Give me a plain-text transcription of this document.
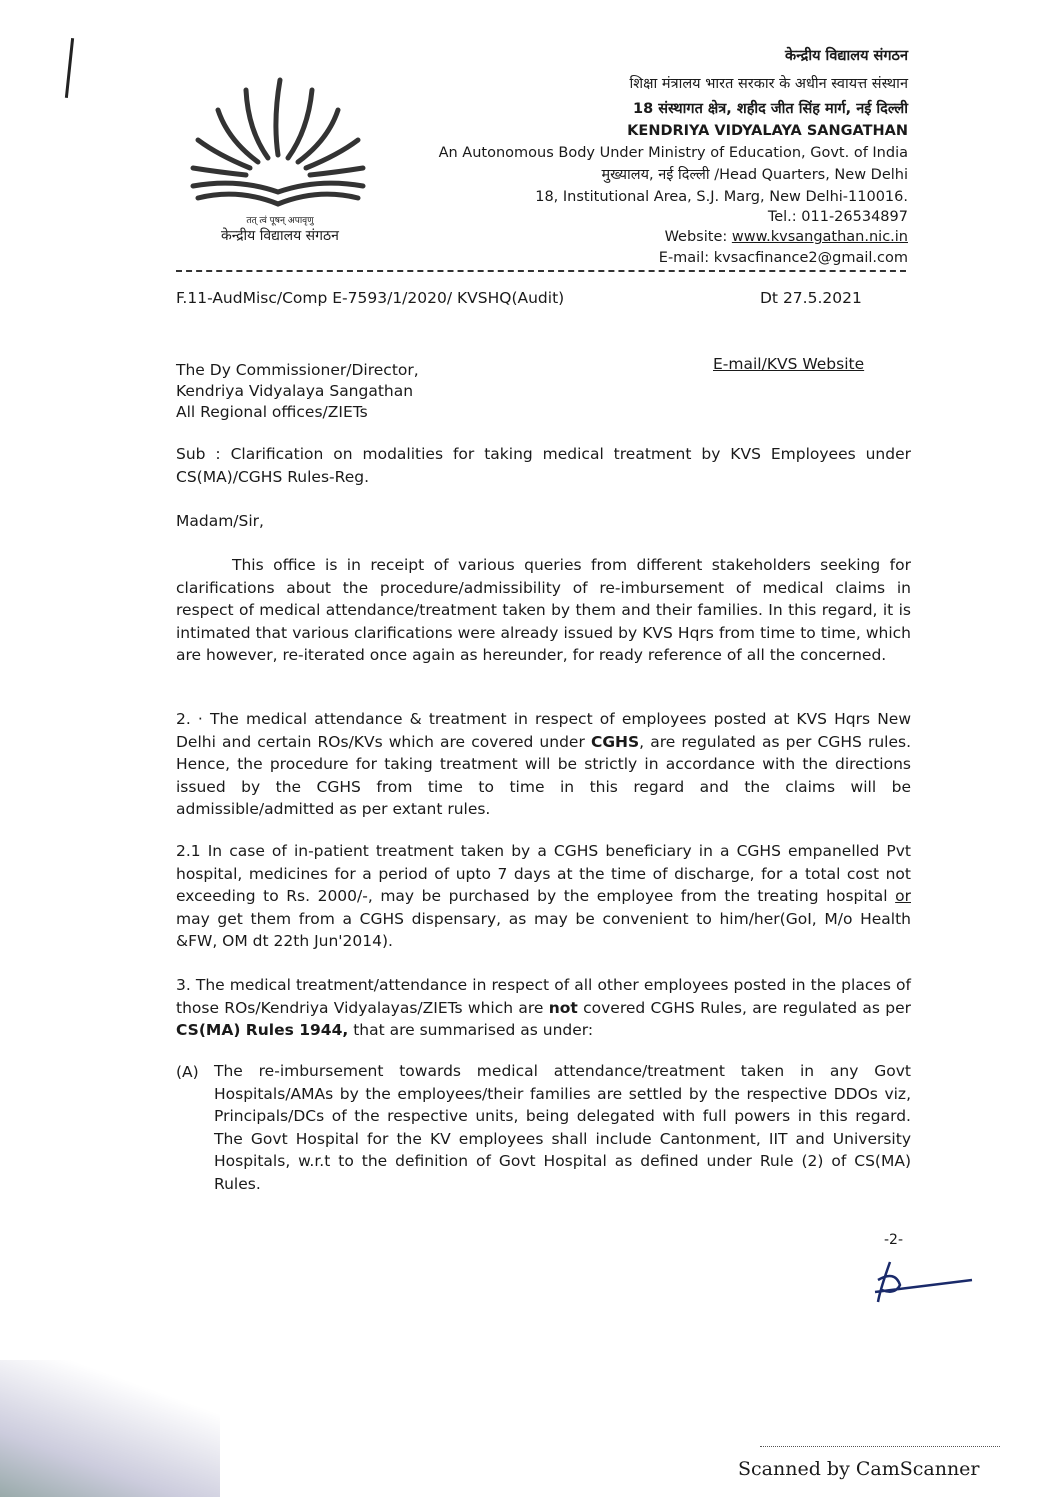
तत् त्वं पूषन् अपावृणु
केन्द्रीय विद्यालय संगठन
केन्द्रीय विद्यालय संगठन
शिक्षा मंत्रालय भारत सरकार के अधीन स्वायत्त संस्थान
18 संस्थागत क्षेत्र, शहीद जीत सिंह मार्ग, नई दिल्ली
KENDRIYA VIDYALAYA SANGATHAN
An Autonomous Body Under Ministry of Education, Govt. of India
मुख्यालय, नई दिल्ली /Head Quarters, New Delhi
18, Institutional Area, S.J. Marg, New Delhi-110016.
Tel.: 011-26534897
Website: www.kvsangathan.nic.in
E-mail: kvsacfinance2@gmail.com
F.11-AudMisc/Comp E-7593/1/2020/ KVSHQ(Audit)	Dt 27.5.2021
The Dy Commissioner/Director,
Kendriya Vidyalaya Sangathan
All Regional offices/ZIETs
E-mail/KVS Website
Sub : Clarification on modalities for taking medical treatment by KVS Employees under CS(MA)/CGHS Rules-Reg.
Madam/Sir,
This office is in receipt of various queries from different stakeholders seeking for clarifications about the procedure/admissibility of re-imbursement of medical claims in respect of medical attendance/treatment taken by them and their families. In this regard, it is intimated that various clarifications were already issued by KVS Hqrs from time to time, which are however, re-iterated once again as hereunder, for ready reference of all the concerned.
2. · The medical attendance & treatment in respect of employees posted at KVS Hqrs New Delhi and certain ROs/KVs which are covered under CGHS, are regulated as per CGHS rules. Hence, the procedure for taking treatment will be strictly in accordance with the directions issued by the CGHS from time to time in this regard and the claims will be admissible/admitted as per extant rules.
2.1 In case of in-patient treatment taken by a CGHS beneficiary in a CGHS empanelled Pvt hospital, medicines for a period of upto 7 days at the time of discharge, for a total cost not exceeding to Rs. 2000/-, may be purchased by the employee from the treating hospital or may get them from a CGHS dispensary, as may be convenient to him/her(GoI, M/o Health &FW, OM dt 22th Jun'2014).
3. The medical treatment/attendance in respect of all other employees posted in the places of those ROs/Kendriya Vidyalayas/ZIETs which are not covered CGHS Rules, are regulated as per CS(MA) Rules 1944, that are summarised as under:
(A) The re-imbursement towards medical attendance/treatment taken in any Govt Hospitals/AMAs by the employees/their families are settled by the respective DDOs viz, Principals/DCs of the respective units, being delegated with full powers in this regard. The Govt Hospital for the KV employees shall include Cantonment, IIT and University Hospitals, w.r.t to the definition of Govt Hospital as defined under Rule (2) of CS(MA) Rules.
-2-
Scanned by CamScanner
